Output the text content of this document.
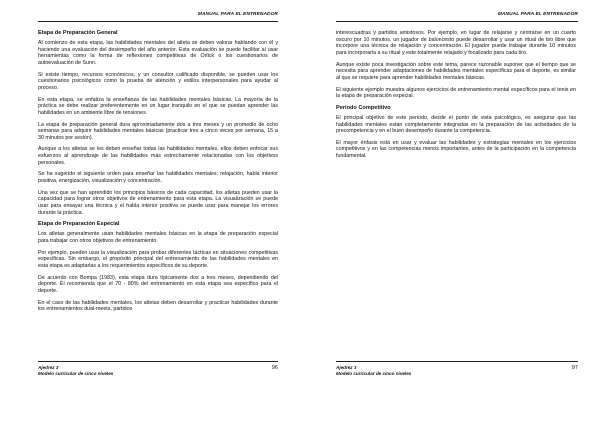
MANUAL PARA EL ENTRENADOR
Etapa de Preparación General

Al comienzo de esta etapa, las habilidades mentales del atleta se deben valorar hablando con él y haciendo una evaluación del desempeño del año anterior. Esta evaluación se puede facilitar al usar herramientas como la forma de reflexiones competitivas de Orlick o los cuestionarios de autoevaluación de Sunn.

Si existe tiempo, recursos económicos, y un consultor calificado disponible, se pueden usar los cuestionarios psicológicos como la prueba de atención y estilos interpersonales para ayudar al proceso.

En esta etapa, se enfatiza la enseñanza de las habilidades mentales básicas. La mayoría de la práctica se debe realizar preferentemente en un lugar tranquilo en el que se puedan aprender las habilidades en un ambiente libre de tensiones.

La etapa de preparación general dura aproximadamente dos a tres meses y un promedio de ocho semanas para adquirir habilidades mentales básicas (practicar tres a cinco veces por semana, 15 a 30 minutos por sesión).

Aunque a los atletas se les deben enseñar todas las habilidades mentales, ellos deben enfocar sus esfuerzos al aprendizaje de las habilidades más estrechamente relacionadas con los objetivos personales.

Se ha sugerido el siguiente orden para enseñar las habilidades mentales: relajación, habla interior positiva, energización, visualización y concentración.

Una vez que se han aprendido los principios básicos de cada capacidad, los atletas pueden usar la capacidad para lograr otros objetivos de entrenamiento para esta etapa. La visualización se puede usar para ensayar una técnica y el habla interior positiva se puede usar para manejar los errores durante la práctica.

Etapa de Preparación Especial

Los atletas generalmente usan habilidades mentales básicas en la etapa de preparación especial para trabajar con otros objetivos de entrenamiento.

Por ejemplo, pueden usar la visualización para probar diferentes tácticas en situaciones competitivas especificas. Sin embargo, el propósito principal del entrenamiento de las habilidades mentales en esta etapa es adaptarlas a los requerimientos específicos de su deporte.

De acuerdo con Bompa (1983), esta etapa dura típicamente dos a tres meses, dependiendo del deporte. Él recomienda que el 70 - 80% del entrenamiento en esta etapa sea específico para el deporte.

En el caso de las habilidades mentales, los atletas deben desarrollar y practicar habilidades durante los entrenamientos dual-meets, partidos

Ajedrez 3
Modelo curricular de cinco niveles
96
MANUAL PARA EL ENTRENADOR

interescuadras y partidos amistosos. Por ejemplo, en lugar de relajarse y centrarse en un cuarto oscuro por 10 minutos, un jugador de baloncesto puede desarrollar y usar un ritual de tiro libre que incorpore una técnica de relajación y concentración. El jugador puede trabajar durante 10 minutos para incorporarla a su ritual y este totalmente relajado y focalizado para cada tiro.

Aunque existe poca investigación sobre este tema, parece razonable suponer que el tiempo que se necesita para aprender adaptaciones de habilidades mentales específicas para el deporte, es similar al que se requiere para aprender habilidades mentales básicas.

El siguiente ejemplo muestra algunos ejercicios de entrenamiento mental específicos para el tenis en la etapa de preparación especial.

Periodo Competitivo

El principal objetivo de este periodo, desde el punto de vista psicológico, es asegurar que las habilidades mentales están completamente integradas en la preparación de las actividades de la precompetencia y en el buen desempeño durante la competencia.

El mayor énfasis está en usar y evaluar las habilidades y estrategias mentales en los ejercicios competitivos y en las competencias menos importantes, antes de la participación en la competencia fundamental.

Ajedrez 3
Modelo curricular de cinco niveles
97
